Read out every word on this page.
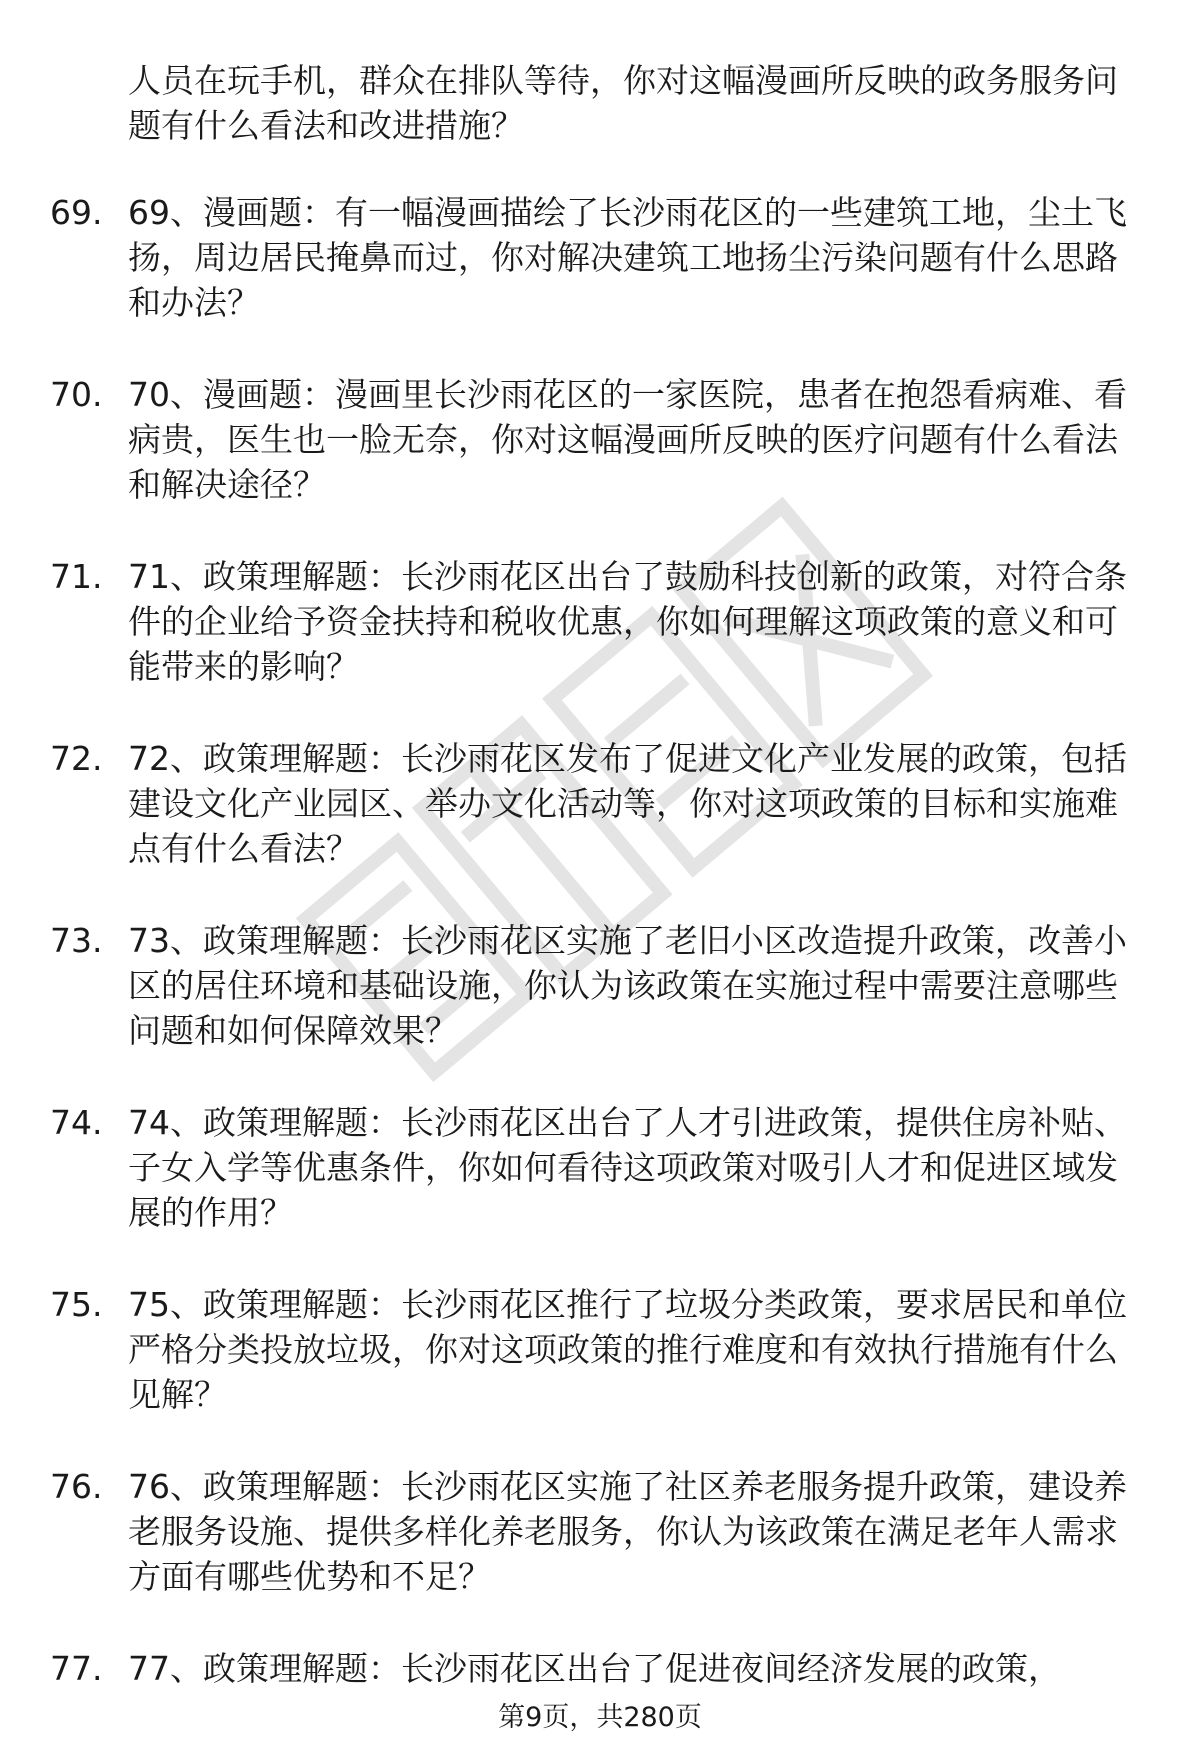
人员在玩手机，群众在排队等待，你对这幅漫画所反映的政务服务问题有什么看法和改进措施？

69. 69、漫画题：有一幅漫画描绘了长沙雨花区的一些建筑工地，尘土飞扬，周边居民掩鼻而过，你对解决建筑工地扬尘污染问题有什么思路和办法？
70. 70、漫画题：漫画里长沙雨花区的一家医院，患者在抱怨看病难、看病贵，医生也一脸无奈，你对这幅漫画所反映的医疗问题有什么看法和解决途径？
71. 71、政策理解题：长沙雨花区出台了鼓励科技创新的政策，对符合条件的企业给予资金扶持和税收优惠，你如何理解这项政策的意义和可能带来的影响？
72. 72、政策理解题：长沙雨花区发布了促进文化产业发展的政策，包括建设文化产业园区、举办文化活动等，你对这项政策的目标和实施难点有什么看法？
73. 73、政策理解题：长沙雨花区实施了老旧小区改造提升政策，改善小区的居住环境和基础设施，你认为该政策在实施过程中需要注意哪些问题和如何保障效果？
74. 74、政策理解题：长沙雨花区出台了人才引进政策，提供住房补贴、子女入学等优惠条件，你如何看待这项政策对吸引人才和促进区域发展的作用？
75. 75、政策理解题：长沙雨花区推行了垃圾分类政策，要求居民和单位严格分类投放垃圾，你对这项政策的推行难度和有效执行措施有什么见解？
76. 76、政策理解题：长沙雨花区实施了社区养老服务提升政策，建设养老服务设施、提供多样化养老服务，你认为该政策在满足老年人需求方面有哪些优势和不足？
77. 77、政策理解题：长沙雨花区出台了促进夜间经济发展的政策，
第9页，共280页
